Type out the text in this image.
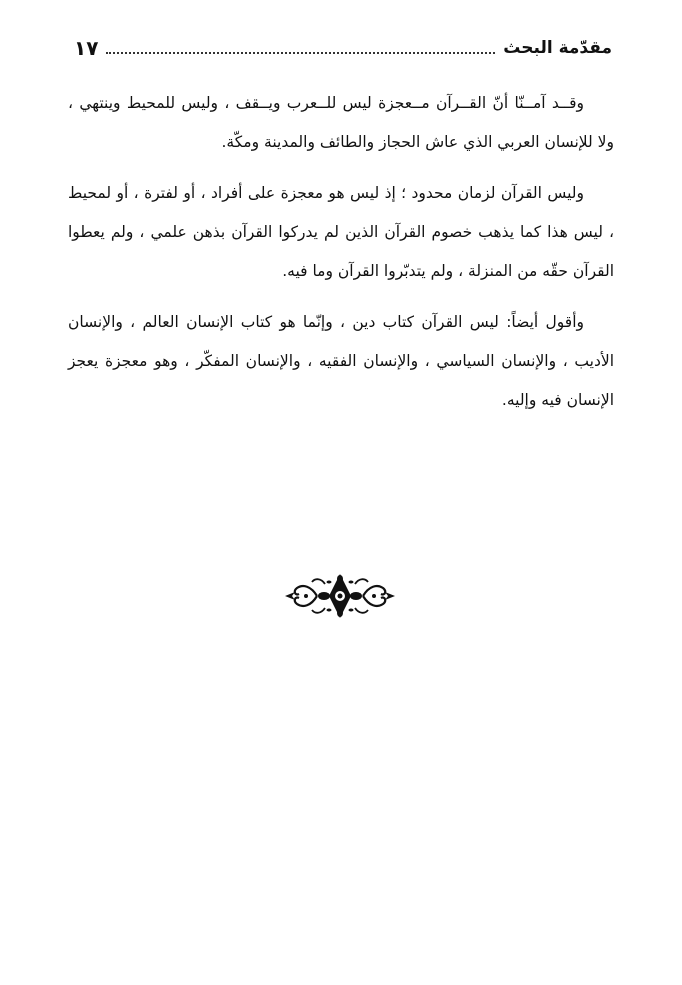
مقدّمة البحث
١٧

وقــد آمــنّا أنّ القــرآن مــعجزة ليس للــعرب ويــقف ، وليس للمحيط وينتهي ، ولا للإنسان العربي الذي عاش الحجاز والطائف والمدينة ومكّة.

وليس القرآن لزمان محدود ؛ إذ ليس هو معجزة على أفراد ، أو لفترة ، أو لمحيط ، ليس هذا كما يذهب خصوم القرآن الذين لم يدركوا القرآن بذهن علمي ، ولم يعطوا القرآن حقّه من المنزلة ، ولم يتدبّروا القرآن وما فيه.

وأقول أيضاً: ليس القرآن كتاب دين ، وإنّما هو كتاب الإنسان العالم ، والإنسان الأديب ، والإنسان السياسي ، والإنسان الفقيه ، والإنسان المفكّر ، وهو معجزة يعجز الإنسان فيه وإليه.
